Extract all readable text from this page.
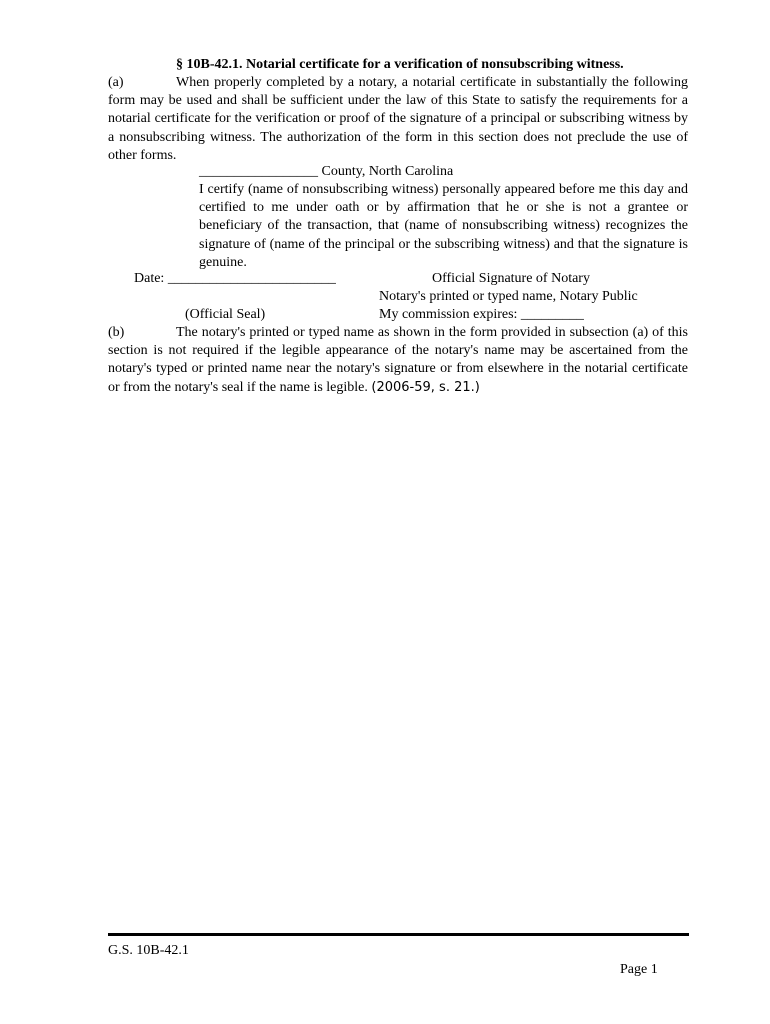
§ 10B-42.1. Notarial certificate for a verification of nonsubscribing witness.
(a)	When properly completed by a notary, a notarial certificate in substantially the following form may be used and shall be sufficient under the law of this State to satisfy the requirements for a notarial certificate for the verification or proof of the signature of a principal or subscribing witness by a nonsubscribing witness. The authorization of the form in this section does not preclude the use of other forms.
_________________ County, North Carolina
I certify (name of nonsubscribing witness) personally appeared before me this day and certified to me under oath or by affirmation that he or she is not a grantee or beneficiary of the transaction, that (name of nonsubscribing witness) recognizes the signature of (name of the principal or the subscribing witness) and that the signature is genuine.
Date: ________________________	Official Signature of Notary
Notary's printed or typed name, Notary Public
(Official Seal)	My commission expires: _________
(b)	The notary's printed or typed name as shown in the form provided in subsection (a) of this section is not required if the legible appearance of the notary's name may be ascertained from the notary's typed or printed name near the notary's signature or from elsewhere in the notarial certificate or from the notary's seal if the name is legible. (2006-59, s. 21.)
G.S. 10B-42.1
Page 1
